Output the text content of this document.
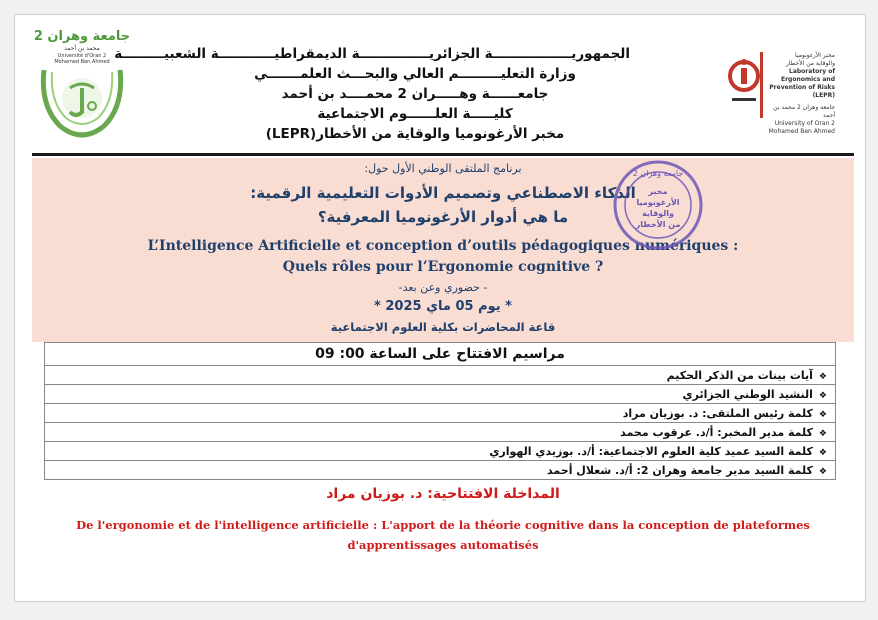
جامعة وهران 2
محمد بن أحمد
Université d'Oran 2
Mohamed Ben Ahmed
مخبر الأرغونوميا
والوقاية من الأخطار
Laboratory of Ergonomics and
Prevention of Risks (LEPR)
جامعة وهران 2 محمد بن أحمد
University of Oran 2 Mohamed Ben Ahmed
الجمهوريـــــــــــــــــة الجزائريـــــــــــــــة الديمقراطيــــــــــــة الشعبيـــــــــة
وزارة التعليـــــــــم العالي والبحـــث العلمـــــــي
جامعــــــة وهـــــران 2 محمــــد بن أحمد
كليـــــة العلــــــوم الاجتماعية
مخبر الأرغونوميا والوقاية من الأخطار(LEPR)
برنامج الملتقى الوطني الأول حول:
الذكاء الاصطناعي وتصميم الأدوات التعليمية الرقمية:
ما هي أدوار الأرغونوميا المعرفية؟
L’Intelligence Artificielle et conception d’outils pédagogiques numériques :
Quels rôles pour l’Ergonomie cognitive ?
- حضوري وعن بعد-
* يوم 05 ماي 2025 *
قاعة المحاضرات بكلية العلوم الاجتماعية
جامعة وهران 2
مخبر
الأرغونوميا
والوقاية
من الأخطار
مراسيم الافتتاح على الساعة 00: 09
❖آيات بينات من الذكر الحكيم
❖النشيد الوطني الجزائري
❖كلمة رئيس الملتقى: د. بوزيان مراد
❖كلمة مدير المخبر: أ/د. عرقوب محمد
❖كلمة السيد عميد كلية العلوم الاجتماعية: أ/د. بوزيدي الهواري
❖كلمة السيد مدير جامعة وهران 2: أ/د. شعلال أحمد
المداخلة الافتتاحية: د. بوزيان مراد
De l'ergonomie et de l'intelligence artificielle : L'apport de la théorie cognitive dans la conception de plateformes
d'apprentissages automatisés
